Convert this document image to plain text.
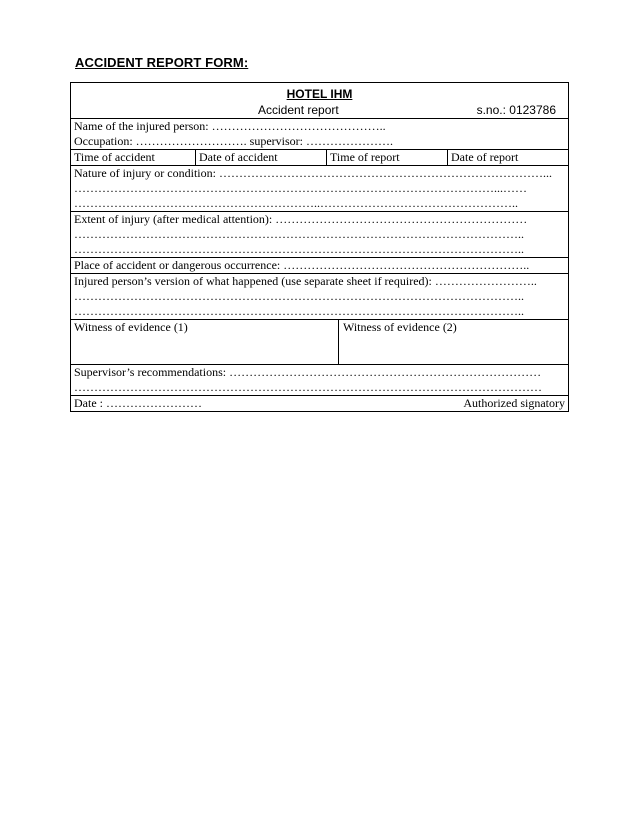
ACCIDENT REPORT FORM:
HOTEL IHM
Accident report	s.no.: 0123786
Name of the injured person: ……………………………………..
Occupation: ………………………. supervisor: ………………….
Time of accident	Date of accident	Time of report	Date of report
Nature of injury or condition: ………………………………………………………………………...
……………………………………………………………………………………………...……
……………………………………………………..…………………………………………..
Extent of injury (after medical attention): ………………………………………………………
…………………………………………………………………………………………………..
…………………………………………………………………………………………………..
Place of accident or dangerous occurrence: ……………………………………………………..
Injured person’s version of what happened (use separate sheet if required): ……………………..
…………………………………………………………………………………………………..
…………………………………………………………………………………………………..
Witness of evidence (1)	Witness of evidence (2)
Supervisor’s recommendations: ……………………………………………………………………
………………………………………………………………………………………………………
Date : ……………………	Authorized signatory
